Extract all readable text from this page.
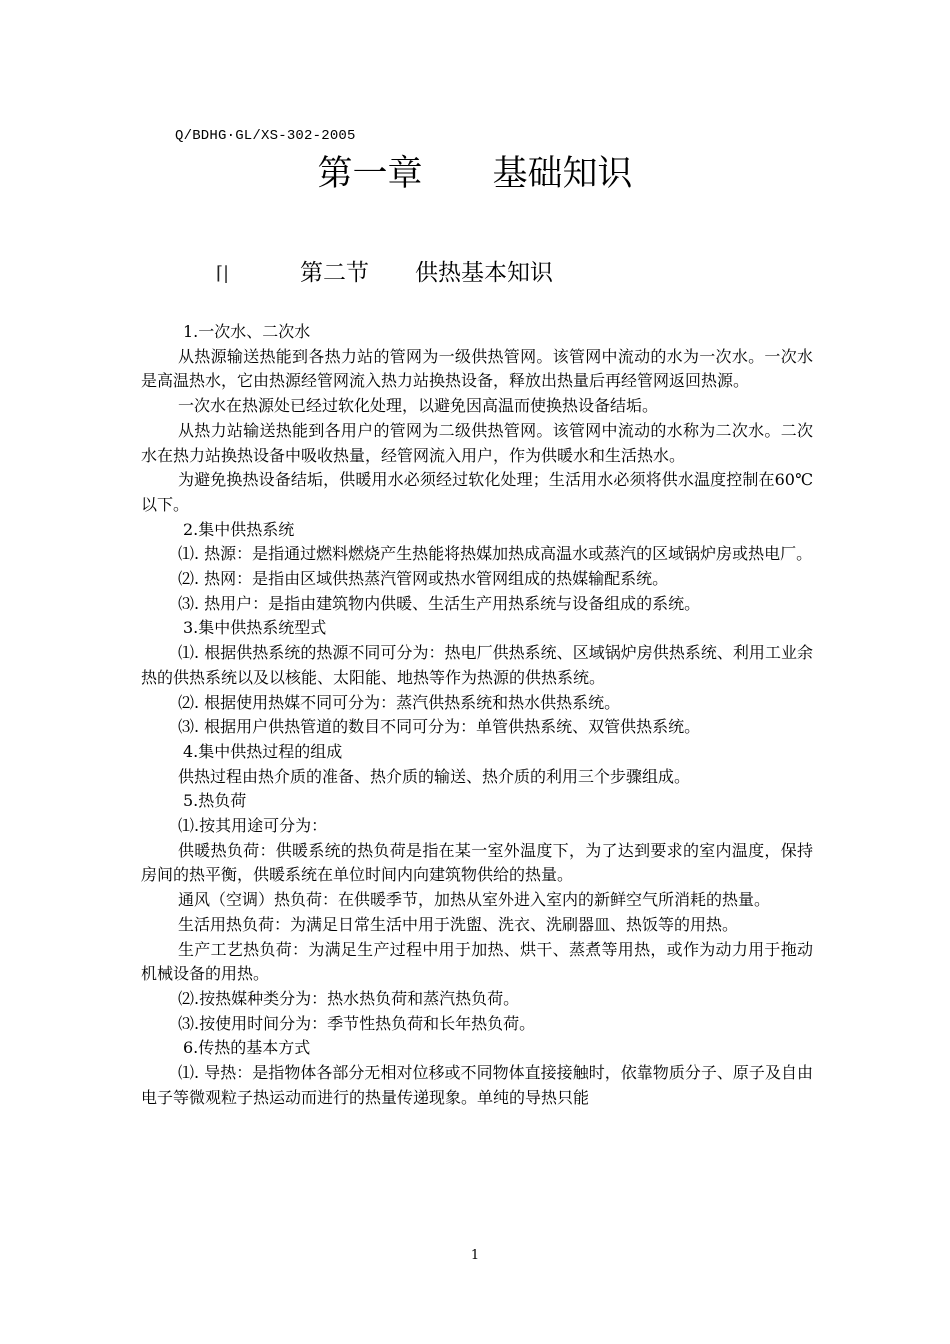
Q/BDHG·GL/XS-302-2005
第一章　　基础知识
⌈|	第二节　　供热基本知识

1.一次水、二次水

从热源输送热能到各热力站的管网为一级供热管网。该管网中流动的水为一次水。一次水是高温热水，它由热源经管网流入热力站换热设备，释放出热量后再经管网返回热源。

一次水在热源处已经过软化处理，以避免因高温而使换热设备结垢。

从热力站输送热能到各用户的管网为二级供热管网。该管网中流动的水称为二次水。二次水在热力站换热设备中吸收热量，经管网流入用户，作为供暖水和生活热水。

为避免换热设备结垢，供暖用水必须经过软化处理；生活用水必须将供水温度控制在60℃以下。

2.集中供热系统

⑴. 热源：是指通过燃料燃烧产生热能将热媒加热成高温水或蒸汽的区域锅炉房或热电厂。

⑵. 热网：是指由区域供热蒸汽管网或热水管网组成的热媒输配系统。

⑶. 热用户：是指由建筑物内供暖、生活生产用热系统与设备组成的系统。

3.集中供热系统型式

⑴. 根据供热系统的热源不同可分为：热电厂供热系统、区域锅炉房供热系统、利用工业余热的供热系统以及以核能、太阳能、地热等作为热源的供热系统。

⑵. 根据使用热媒不同可分为：蒸汽供热系统和热水供热系统。

⑶. 根据用户供热管道的数目不同可分为：单管供热系统、双管供热系统。

4.集中供热过程的组成

供热过程由热介质的准备、热介质的输送、热介质的利用三个步骤组成。

5.热负荷

⑴.按其用途可分为：

供暖热负荷：供暖系统的热负荷是指在某一室外温度下，为了达到要求的室内温度，保持房间的热平衡，供暖系统在单位时间内向建筑物供给的热量。

通风（空调）热负荷：在供暖季节，加热从室外进入室内的新鲜空气所消耗的热量。

生活用热负荷：为满足日常生活中用于洗盥、洗衣、洗刷器皿、热饭等的用热。

生产工艺热负荷：为满足生产过程中用于加热、烘干、蒸煮等用热，或作为动力用于拖动机械设备的用热。

⑵.按热媒种类分为：热水热负荷和蒸汽热负荷。

⑶.按使用时间分为：季节性热负荷和长年热负荷。

6.传热的基本方式

⑴. 导热：是指物体各部分无相对位移或不同物体直接接触时，依靠物质分子、原子及自由电子等微观粒子热运动而进行的热量传递现象。单纯的导热只能

1
